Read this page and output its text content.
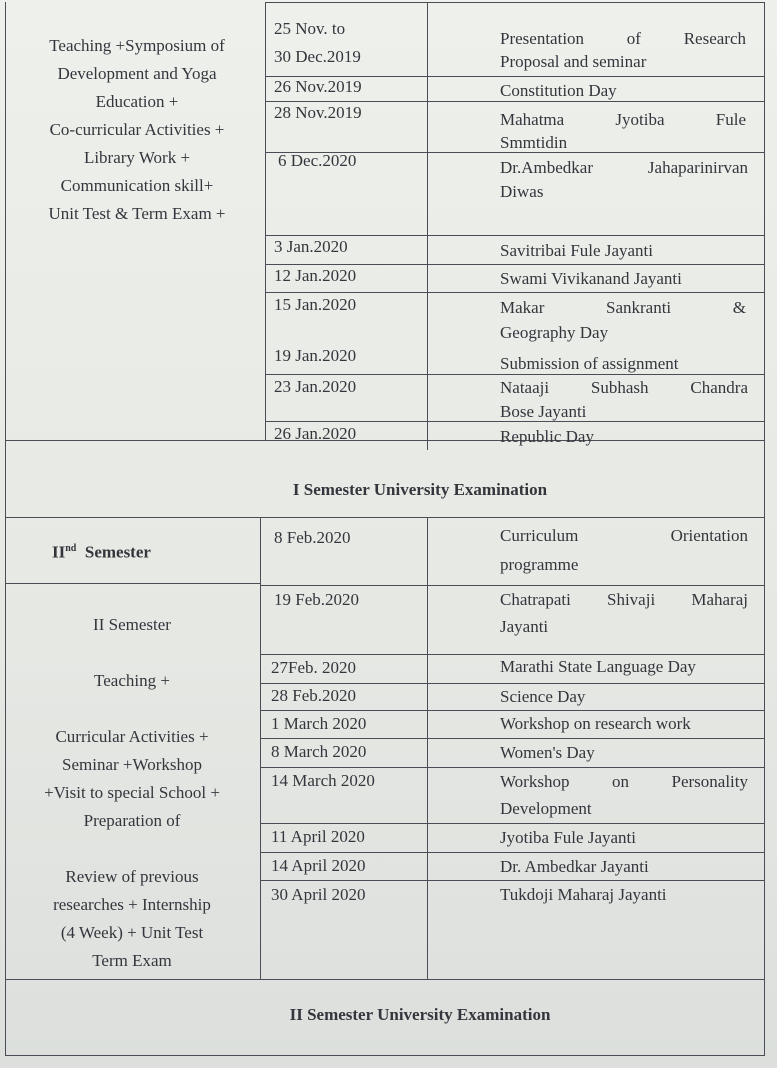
Teaching +Symposium of
Development and Yoga
Education +
Co-curricular Activities +
Library Work +
Communication skill+
Unit Test & Term Exam +
25 Nov. to
30 Dec.2019
26 Nov.2019
28 Nov.2019
6 Dec.2020
3 Jan.2020
12 Jan.2020
15 Jan.2020
19 Jan.2020
23 Jan.2020
26 Jan.2020
Presentation of Research
Proposal and seminar
Constitution Day
Mahatma Jyotiba Fule
Smmtidin
Dr.Ambedkar Jahaparinirvan
Diwas
Savitribai Fule Jayanti
Swami Vivikanand Jayanti
Makar Sankranti &
Geography Day
Submission of assignment
Nataaji Subhash Chandra
Bose Jayanti
Republic Day
I Semester University Examination
IInd Semester
II Semester
Teaching +
Curricular Activities +
Seminar +Workshop
+Visit to special School +
Preparation of
Review of previous
researches + Internship
(4 Week) + Unit Test
Term Exam
8 Feb.2020
19 Feb.2020
27Feb. 2020
28 Feb.2020
1 March 2020
8 March 2020
14 March 2020
11 April 2020
14 April 2020
30 April 2020
Curriculum Orientation
programme
Chatrapati Shivaji Maharaj
Jayanti
Marathi State Language Day
Science Day
Workshop on research work
Women's Day
Workshop on Personality
Development
Jyotiba Fule Jayanti
Dr. Ambedkar Jayanti
Tukdoji Maharaj Jayanti
II Semester University Examination
